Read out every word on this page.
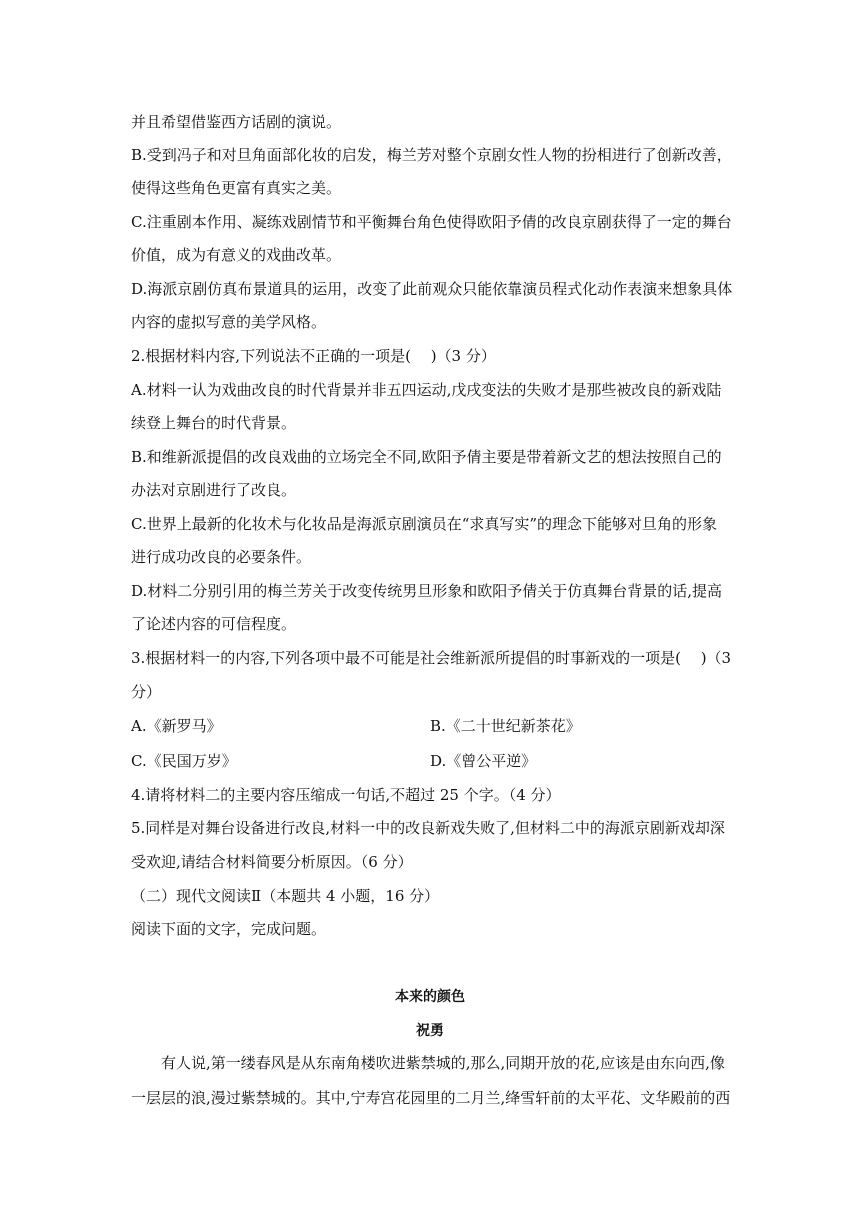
并且希望借鉴西方话剧的演说。
B.受到冯子和对旦角面部化妆的启发，梅兰芳对整个京剧女性人物的扮相进行了创新改善，
使得这些角色更富有真实之美。
C.注重剧本作用、凝练戏剧情节和平衡舞台角色使得欧阳予倩的改良京剧获得了一定的舞台
价值，成为有意义的戏曲改革。
D.海派京剧仿真布景道具的运用，改变了此前观众只能依靠演员程式化动作表演来想象具体
内容的虚拟写意的美学风格。
2.根据材料内容,下列说法不正确的一项是(　 )（3 分）
A.材料一认为戏曲改良的时代背景并非五四运动,戊戌变法的失败才是那些被改良的新戏陆
续登上舞台的时代背景。
B.和维新派提倡的改良戏曲的立场完全不同,欧阳予倩主要是带着新文艺的想法按照自己的
办法对京剧进行了改良。
C.世界上最新的化妆术与化妆品是海派京剧演员在“求真写实”的理念下能够对旦角的形象
进行成功改良的必要条件。
D.材料二分别引用的梅兰芳关于改变传统男旦形象和欧阳予倩关于仿真舞台背景的话,提高
了论述内容的可信程度。
3.根据材料一的内容,下列各项中最不可能是社会维新派所提倡的时事新戏的一项是(　 )（3
分）
A.《新罗马》	B.《二十世纪新茶花》
C.《民国万岁》	D.《曾公平逆》
4.请将材料二的主要内容压缩成一句话,不超过 25 个字。（4 分）
5.同样是对舞台设备进行改良,材料一中的改良新戏失败了,但材料二中的海派京剧新戏却深
受欢迎,请结合材料简要分析原因。（6 分）
（二）现代文阅读Ⅱ（本题共 4 小题，16 分）
阅读下面的文字，完成问题。
本来的颜色
祝勇
　　有人说,第一缕春风是从东南角楼吹进紫禁城的,那么,同期开放的花,应该是由东向西,像
一层层的浪,漫过紫禁城的。其中,宁寿宫花园里的二月兰,绛雪轩前的太平花、文华殿前的西
